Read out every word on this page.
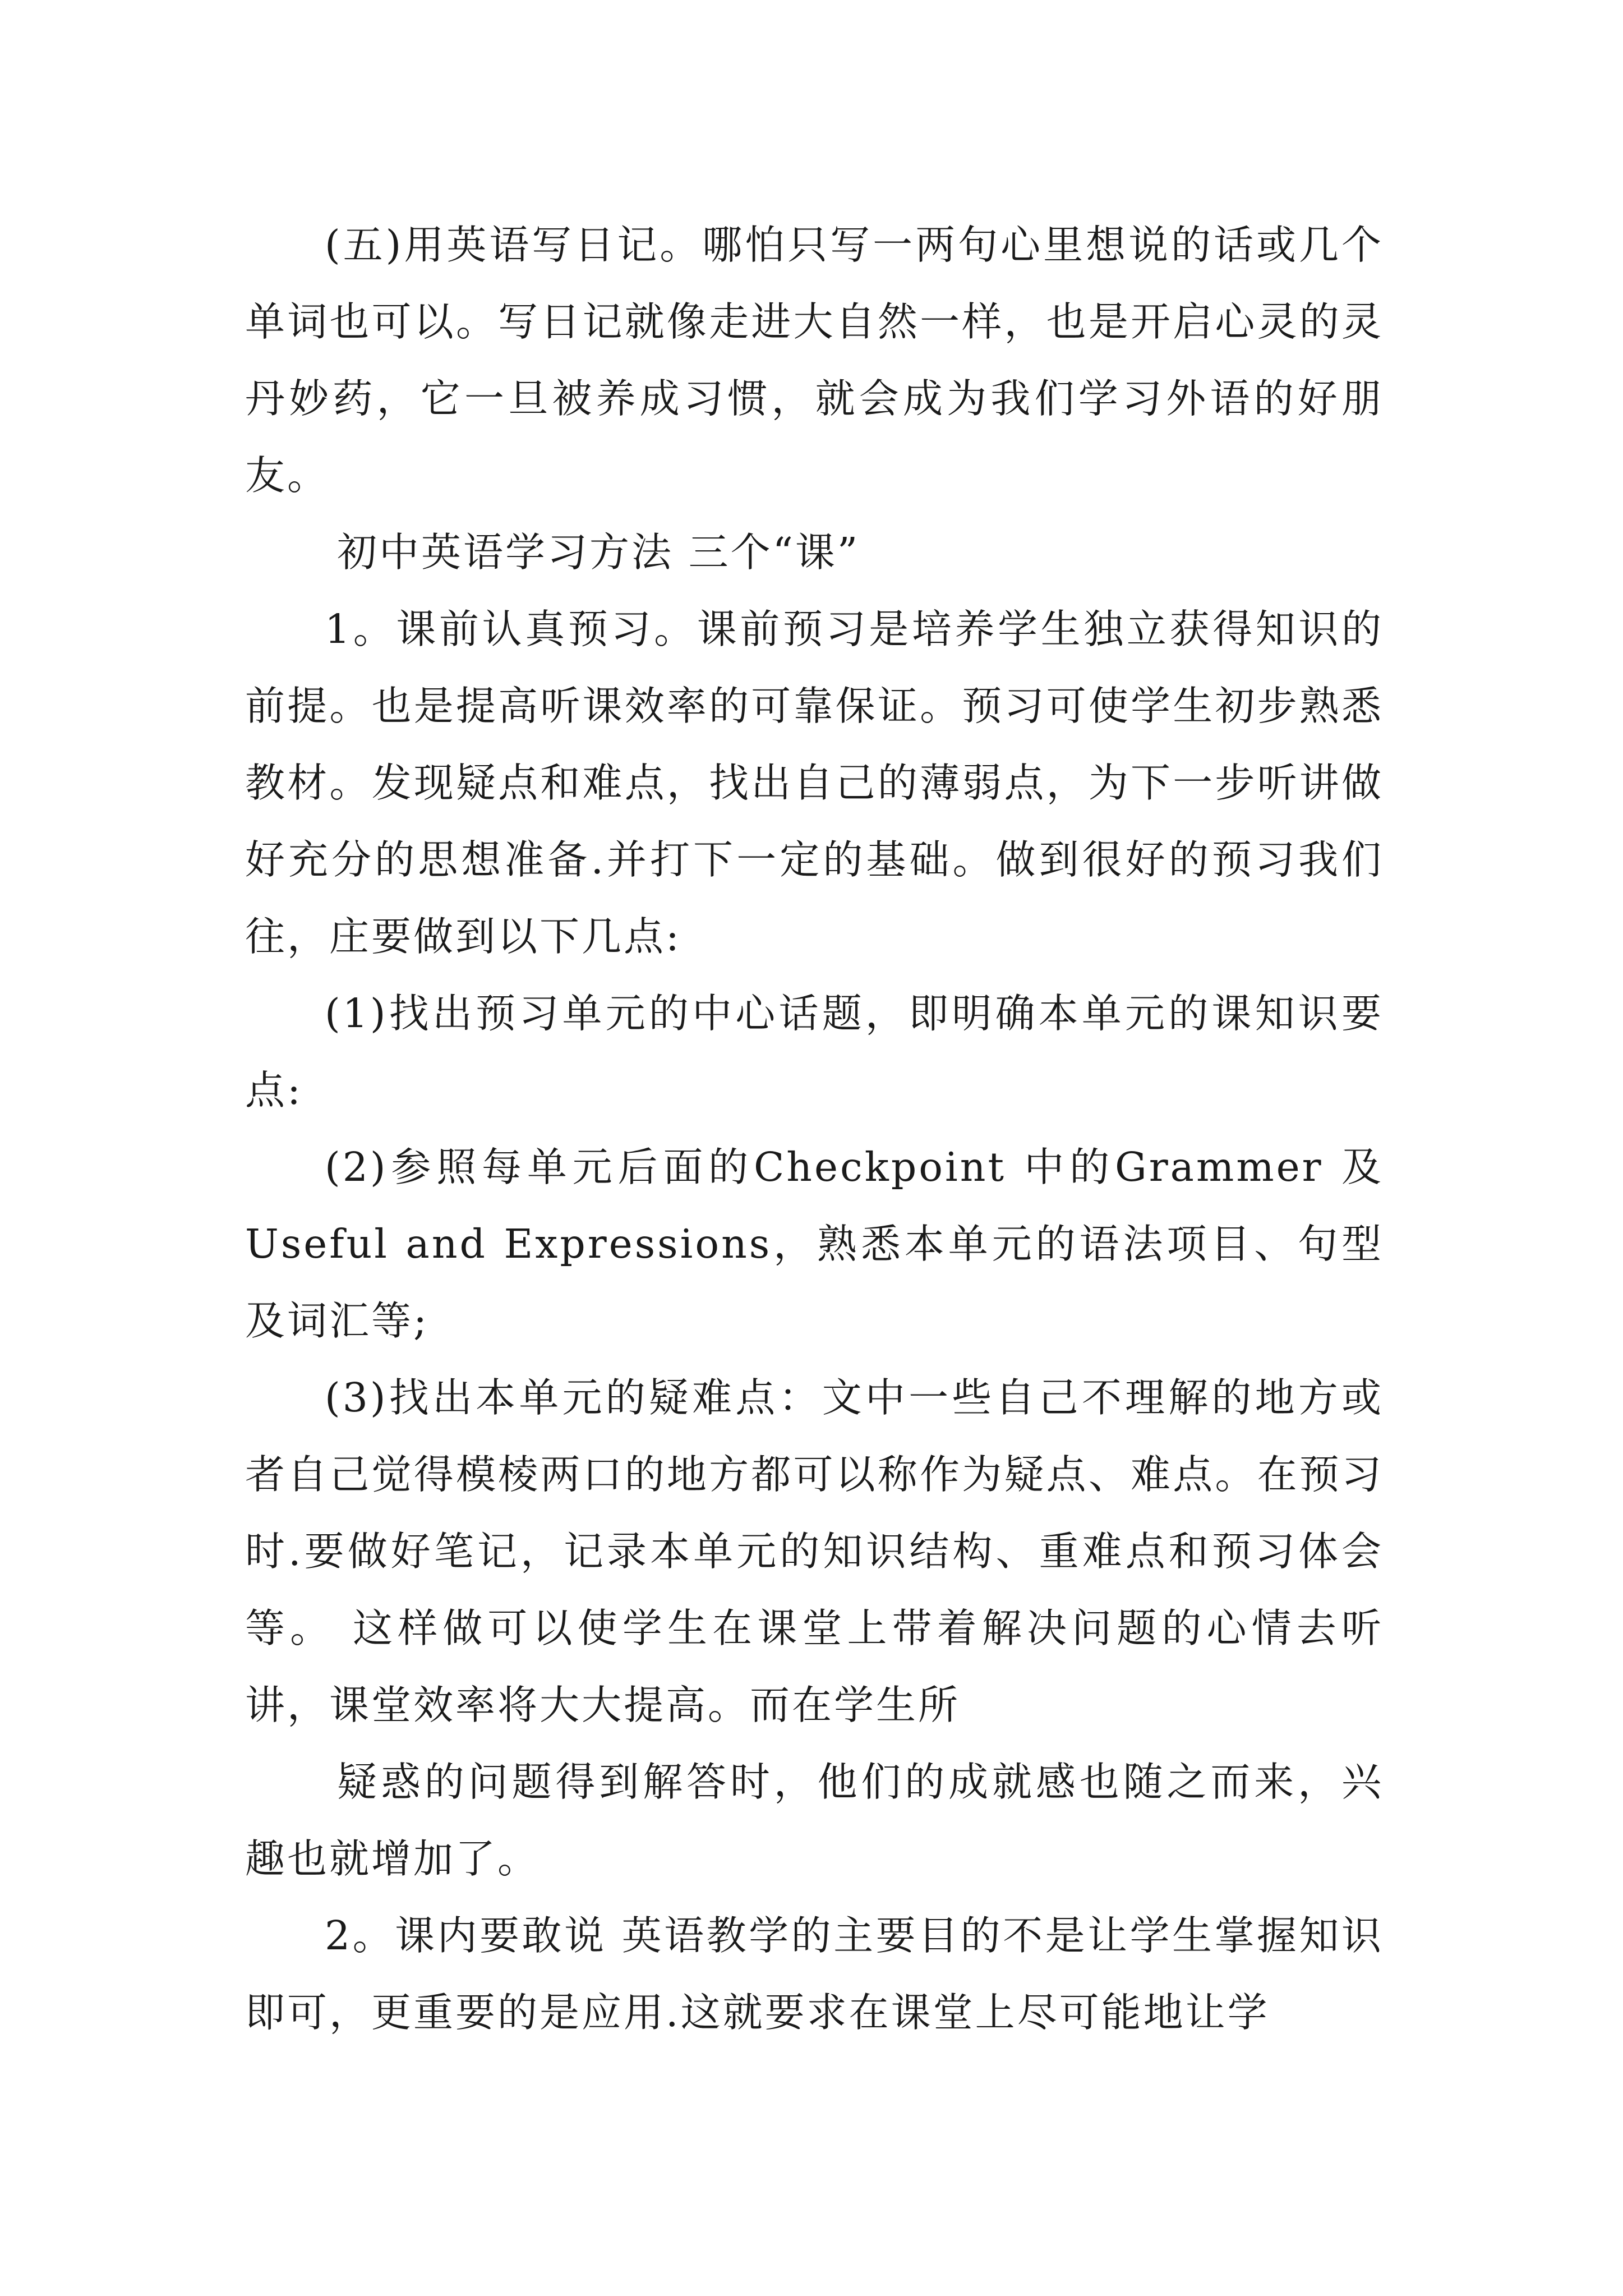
(五)用英语写日记。哪怕只写一两句心里想说的话或几个单词也可以。写日记就像走进大自然一样，也是开启心灵的灵丹妙药，它一旦被养成习惯，就会成为我们学习外语的好朋友。

初中英语学习方法 三个“课”

1。课前认真预习。课前预习是培养学生独立获得知识的前提。也是提高听课效率的可靠保证。预习可使学生初步熟悉教材。发现疑点和难点，找出自己的薄弱点，为下一步听讲做好充分的思想准备.并打下一定的基础。做到很好的预习我们往，庄要做到以下几点:

(1)找出预习单元的中心话题，即明确本单元的课知识要点:

(2)参照每单元后面的Checkpoint 中的Grammer 及Useful and Expressions，熟悉本单元的语法项目、句型及词汇等;

(3)找出本单元的疑难点：文中一些自己不理解的地方或者自己觉得模棱两口的地方都可以称作为疑点、难点。在预习时.要做好笔记，记录本单元的知识结构、重难点和预习体会等。 这样做可以使学生在课堂上带着解决问题的心情去听讲，课堂效率将大大提高。而在学生所

疑惑的问题得到解答时，他们的成就感也随之而来，兴趣也就增加了。

2。课内要敢说 英语教学的主要目的不是让学生掌握知识即可，更重要的是应用.这就要求在课堂上尽可能地让学
